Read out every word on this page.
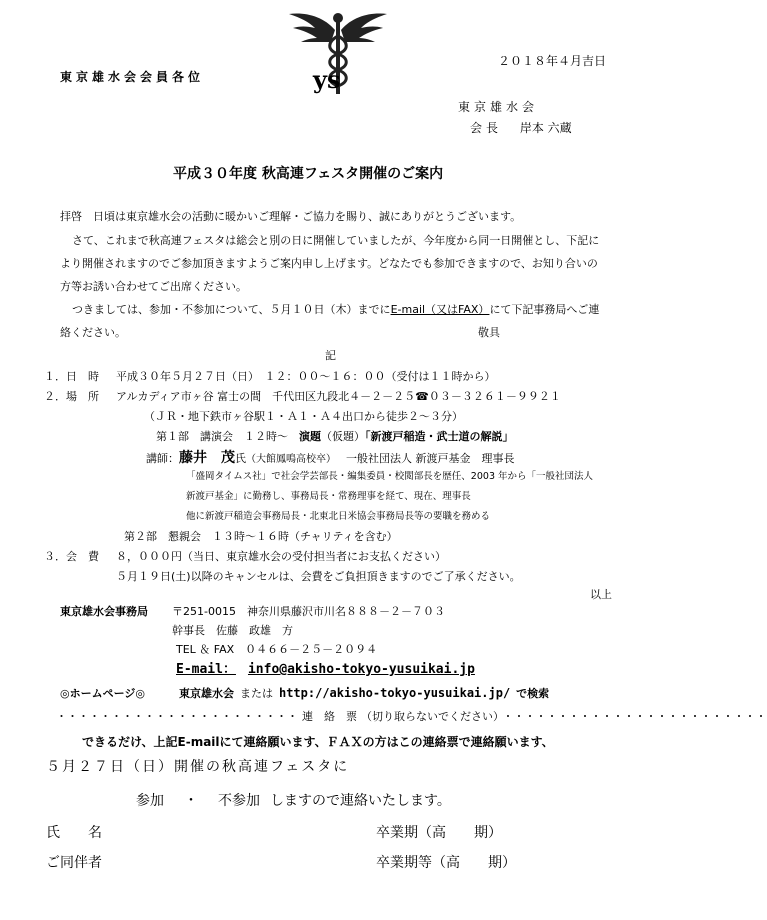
ys
東京雄水会会員各位
２０１８年４月吉日
東京雄水会
会長 岸本 六蔵
平成３０年度 秋高連フェスタ開催のご案内
拝啓　日頃は東京雄水会の活動に暖かいご理解・ご協力を賜り、誠にありがとうございます。
さて、これまで秋高連フェスタは総会と別の日に開催していましたが、今年度から同一日開催とし、下記に
より開催されますのでご参加頂きますようご案内申し上げます。どなたでも参加できますので、お知り合いの
方等お誘い合わせてご出席ください。
つきましては、参加・不参加について、５月１０日（木）までにE-mail（又はFAX）にて下記事務局へご連
絡ください。	敬具
記
１．日　時 平成３０年５月２７日（日）　１２：００〜１６：００（受付は１１時から）
２．場　所 アルカディア市ヶ谷 富士の間　千代田区九段北４－２－２５☎０３－３２６１－９９２１
（ＪＲ・地下鉄市ヶ谷駅１・Ａ１・Ａ４出口から徒歩２〜３分）
第１部　講演会　１２時〜　演題（仮題）「新渡戸稲造・武士道の解説」
講師：藤井　茂氏（大館鳳鳴高校卒） 一般社団法人 新渡戸基金　理事長
「盛岡タイムス社」で社会学芸部長・編集委員・校閲部長を歴任、2003 年から「一般社団法人
新渡戸基金」に勤務し、事務局長・常務理事を経て、現在、理事長
他に新渡戸稲造会事務局長・北東北日米協会事務局長等の要職を務める
第２部　懇親会　１３時〜１６時（チャリティを含む）
３．会　費 ８，０００円（当日、東京雄水会の受付担当者にお支払ください）
５月１９日(土)以降のキャンセルは、会費をご負担頂きますのでご了承ください。
以上
東京雄水会事務局 〒251-0015　神奈川県藤沢市川名８８８－２－７０３
幹事長　佐藤　政雄　方
TEL ＆ FAX　０４６６－２５－２０９４
E-mail： info@akisho-tokyo-yusuikai.jp
◎ホームページ◎	東京雄水会 または http://akisho-tokyo-yusuikai.jp/ で検索
・・・・・・・・・・・・・・・・・・・・・・ 連　絡　票 （切り取らないでください） ・・・・・・・・・・・・・・・・・・・・・・・・
できるだけ、上記E-mailにて連絡願います、ＦＡＸの方はこの連絡票で連絡願います、
５月２７日（日）開催の秋高連フェスタに
参加 ・ 不参加 しますので連絡いたします。
氏　　名	卒業期（高　　期）
ご同伴者	卒業期等（高　　期）
